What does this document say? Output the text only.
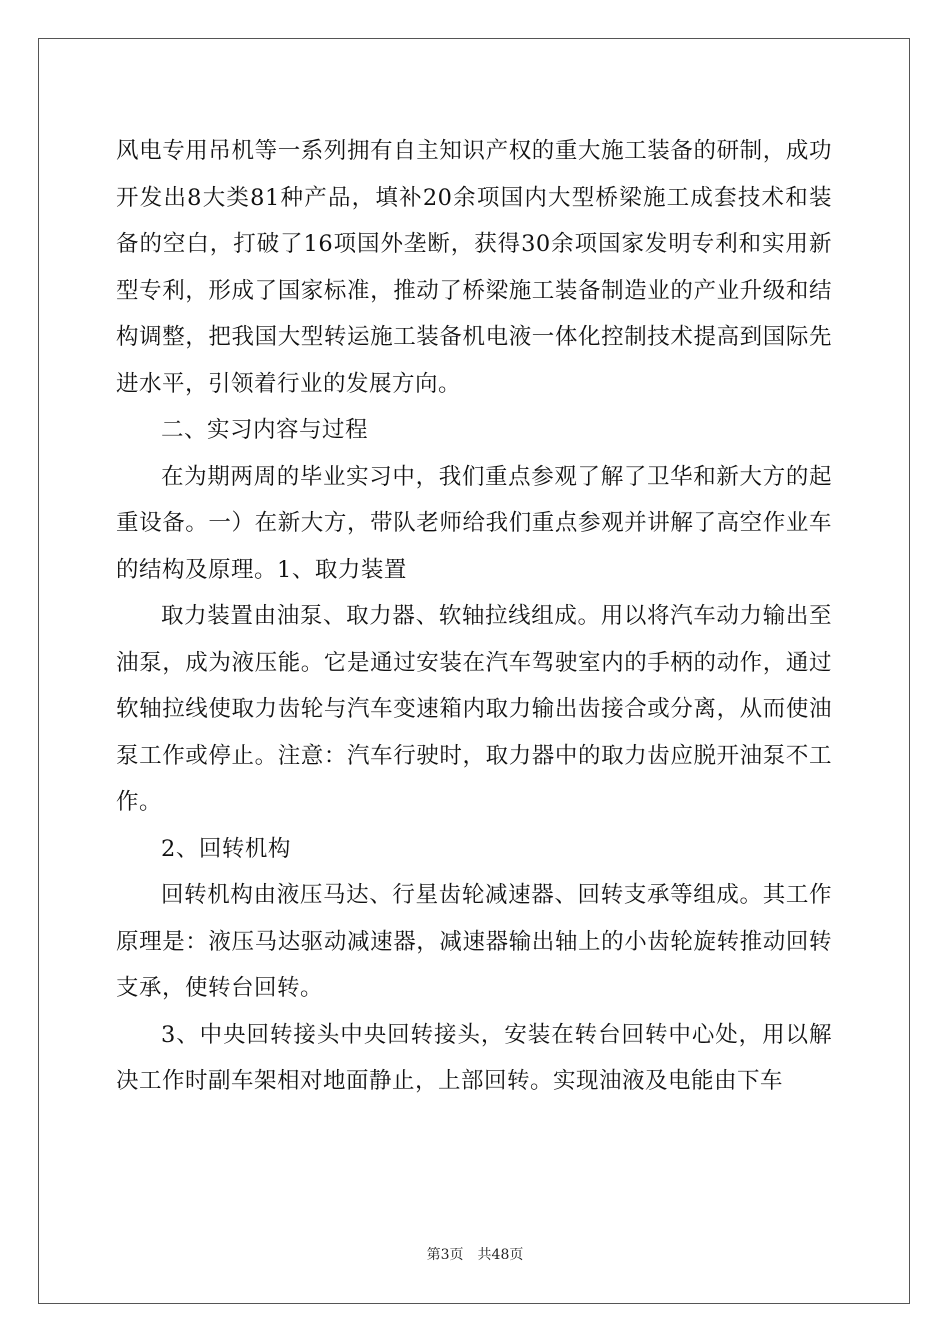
风电专用吊机等一系列拥有自主知识产权的重大施工装备的研制，成功开发出8大类81种产品，填补20余项国内大型桥梁施工成套技术和装备的空白，打破了16项国外垄断，获得30余项国家发明专利和实用新型专利，形成了国家标准，推动了桥梁施工装备制造业的产业升级和结构调整，把我国大型转运施工装备机电液一体化控制技术提高到国际先进水平，引领着行业的发展方向。

二、实习内容与过程

在为期两周的毕业实习中，我们重点参观了解了卫华和新大方的起重设备。一）在新大方，带队老师给我们重点参观并讲解了高空作业车的结构及原理。1、取力装置

取力装置由油泵、取力器、软轴拉线组成。用以将汽车动力输出至油泵，成为液压能。它是通过安装在汽车驾驶室内的手柄的动作，通过软轴拉线使取力齿轮与汽车变速箱内取力输出齿接合或分离，从而使油泵工作或停止。注意：汽车行驶时，取力器中的取力齿应脱开油泵不工作。

2、回转机构

回转机构由液压马达、行星齿轮减速器、回转支承等组成。其工作原理是：液压马达驱动减速器，减速器输出轴上的小齿轮旋转推动回转支承，使转台回转。

3、中央回转接头中央回转接头，安装在转台回转中心处，用以解决工作时副车架相对地面静止，上部回转。实现油液及电能由下车

第3页 共48页
